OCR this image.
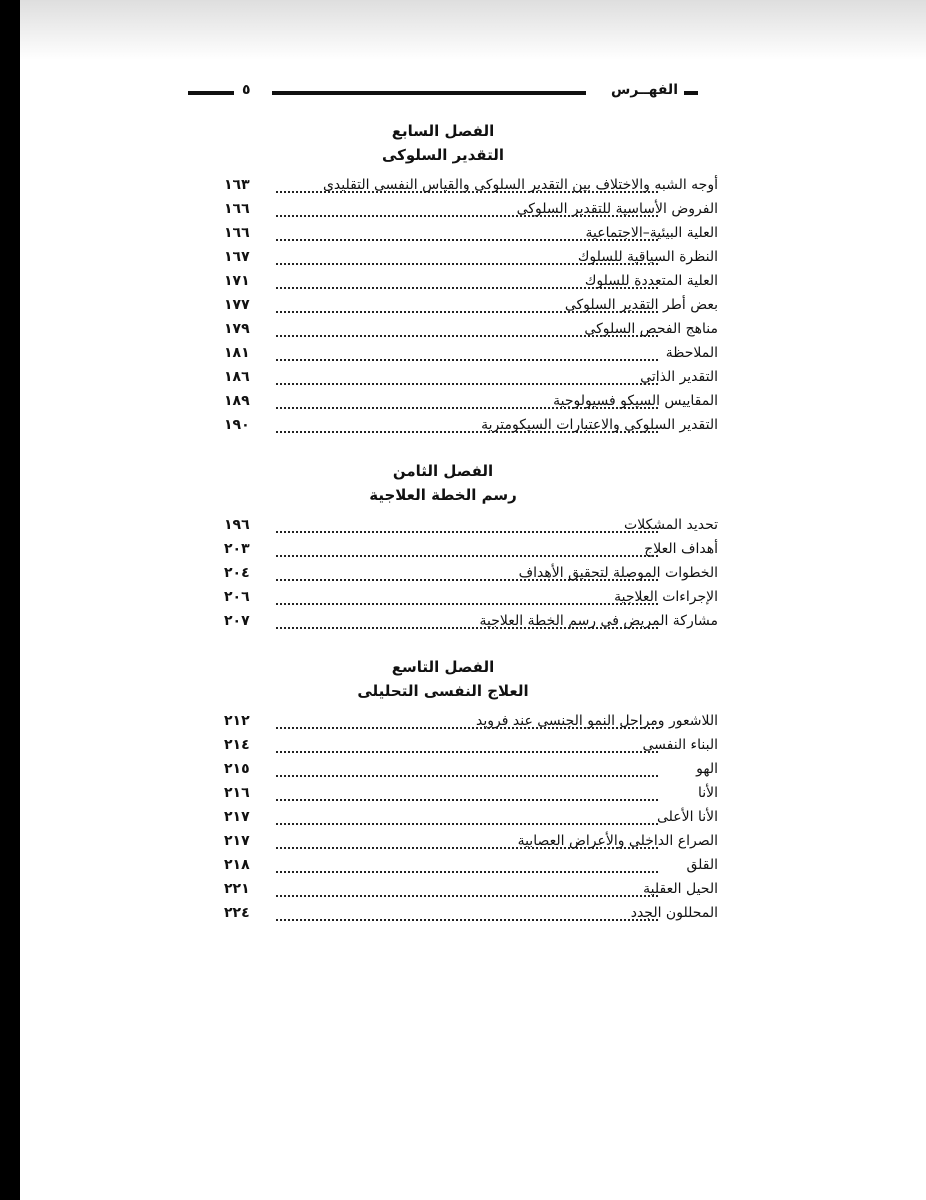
الفهــرس
٥
الفصل السابع
التقدير السلوكى
أوجه الشبه والاختلاف بين التقدير السلوكى والقياس النفسى التقليدى
١٦٣
الفروض الأساسية للتقدير السلوكى
١٦٦
العلية البيئية–الاجتماعية
١٦٦
النظرة السياقية للسلوك
١٦٧
العلية المتعددة للسلوك
١٧١
بعض أطر التقدير السلوكى
١٧٧
مناهج الفحص السلوكى
١٧٩
الملاحظة
١٨١
التقدير الذاتي
١٨٦
المقاييس السيكو فسيولوجية
١٨٩
التقدير السلوكى والاعتبارات السيكومترية
١٩٠
الفصل الثامن
رسم الخطة العلاجية
تحديد المشكلات
١٩٦
أهداف العلاج
٢٠٣
الخطوات الموصلة لتحقيق الأهداف
٢٠٤
الإجراءات العلاجية
٢٠٦
مشاركة المريض في رسم الخطة العلاجية
٢٠٧
الفصل التاسع
العلاج النفسى التحليلى
اللاشعور ومراحل النمو الجنسى عند فرويد
٢١٢
البناء النفسى
٢١٤
الهو
٢١٥
الأنا
٢١٦
الأنا الأعلى
٢١٧
الصراع الداخلى والأعراض العصابية
٢١٧
القلق
٢١٨
الحيل العقلية
٢٢١
المحللون الجدد
٢٢٤
